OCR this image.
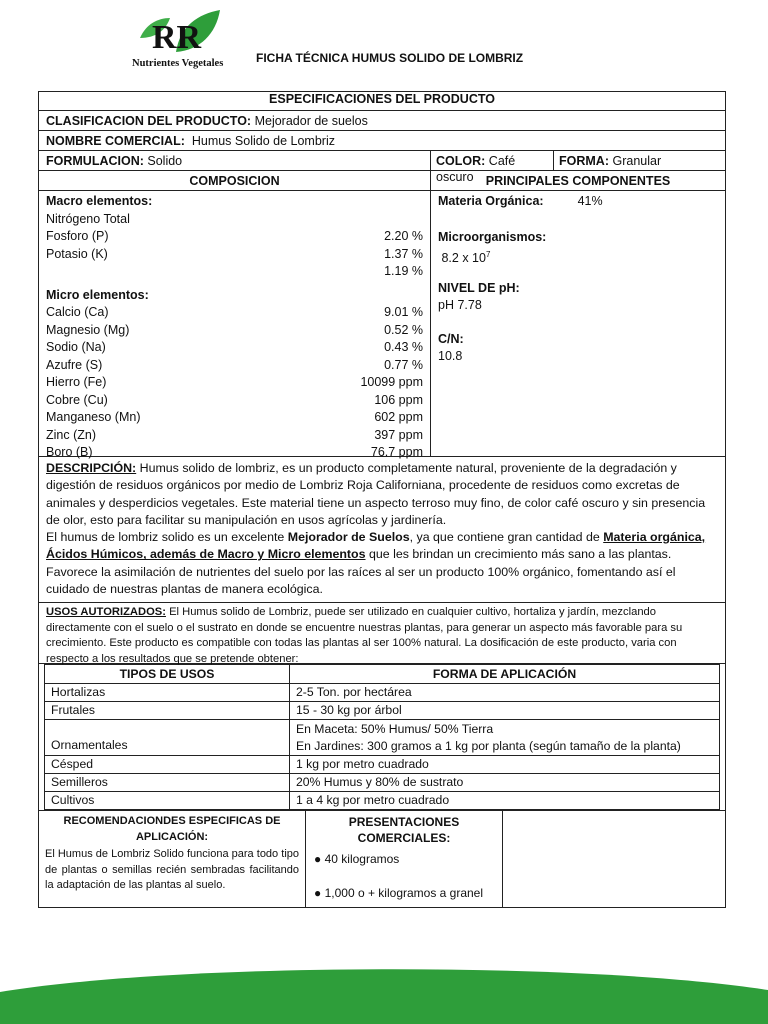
RR
Nutrientes Vegetales	FICHA TÉCNICA HUMUS SOLIDO DE LOMBRIZ
ESPECIFICACIONES DEL PRODUCTO
CLASIFICACION DEL PRODUCTO: Mejorador de suelos
NOMBRE COMERCIAL: Humus Solido de Lombriz
FORMULACION: Solido	COLOR: Café oscuro
FORMA: Granular
COMPOSICION	PRINCIPALES COMPONENTES
Macro elementos:
Nitrógeno Total
Fosforo (P)	2.20 %
Potasio (K)	1.37 %
1.19 %
Micro elementos:
Calcio (Ca)	9.01 %
Magnesio (Mg)	0.52 %
Sodio (Na)	0.43 %
Azufre (S)	0.77 %
Hierro (Fe)	10099 ppm
Cobre (Cu)	106 ppm
Manganeso (Mn)	602 ppm
Zinc (Zn)	397 ppm
Boro (B)	76.7 ppm
Materia Orgánica:	41%
Microorganismos:
8.2 x $10^7$
NIVEL DE pH:
pH 7.78
C/N:
10.8
DESCRIPCIÓN: Humus solido de lombriz, es un producto completamente natural, proveniente de la degradación y digestión de residuos orgánicos por medio de Lombriz Roja Californiana, procedente de residuos como excretas de animales y desperdicios vegetales. Este material tiene un aspecto terroso muy fino, de color café oscuro y sin presencia de olor, esto para facilitar su manipulación en usos agrícolas y jardinería.
El humus de lombriz solido es un excelente Mejorador de Suelos, ya que contiene gran cantidad de Materia orgánica, Ácidos Húmicos, además de Macro y Micro elementos que les brindan un crecimiento más sano a las plantas. Favorece la asimilación de nutrientes del suelo por las raíces al ser un producto 100% orgánico, fomentando así el cuidado de nuestras plantas de manera ecológica.
USOS AUTORIZADOS: El Humus solido de Lombriz, puede ser utilizado en cualquier cultivo, hortaliza y jardín, mezclando directamente con el suelo o el sustrato en donde se encuentre nuestras plantas, para generar un aspecto más favorable para su crecimiento. Este producto es compatible con todas las plantas al ser 100% natural. La dosificación de este producto, varia con respecto a los resultados que se pretende obtener:
TIPOS DE USOS	FORMA DE APLICACIÓN
Hortalizas	2-5 Ton. por hectárea
Frutales	15 - 30 kg por árbol
Ornamentales	En Maceta: 50% Humus/ 50% Tierra
En Jardines: 300 gramos a 1 kg por planta (según tamaño de la planta)

Césped	1 kg por metro cuadrado
Semilleros	20% Humus y 80% de sustrato
Cultivos	1 a 4 kg por metro cuadrado
RECOMENDACIONDES ESPECIFICAS DE APLICACIÓN:
El Humus de Lombriz Solido funciona para todo tipo de plantas o semillas recién sembradas facilitando la adaptación de las plantas al suelo.
PRESENTACIONES COMERCIALES:
● 40 kilogramos
● 1,000 o + kilogramos a granel
